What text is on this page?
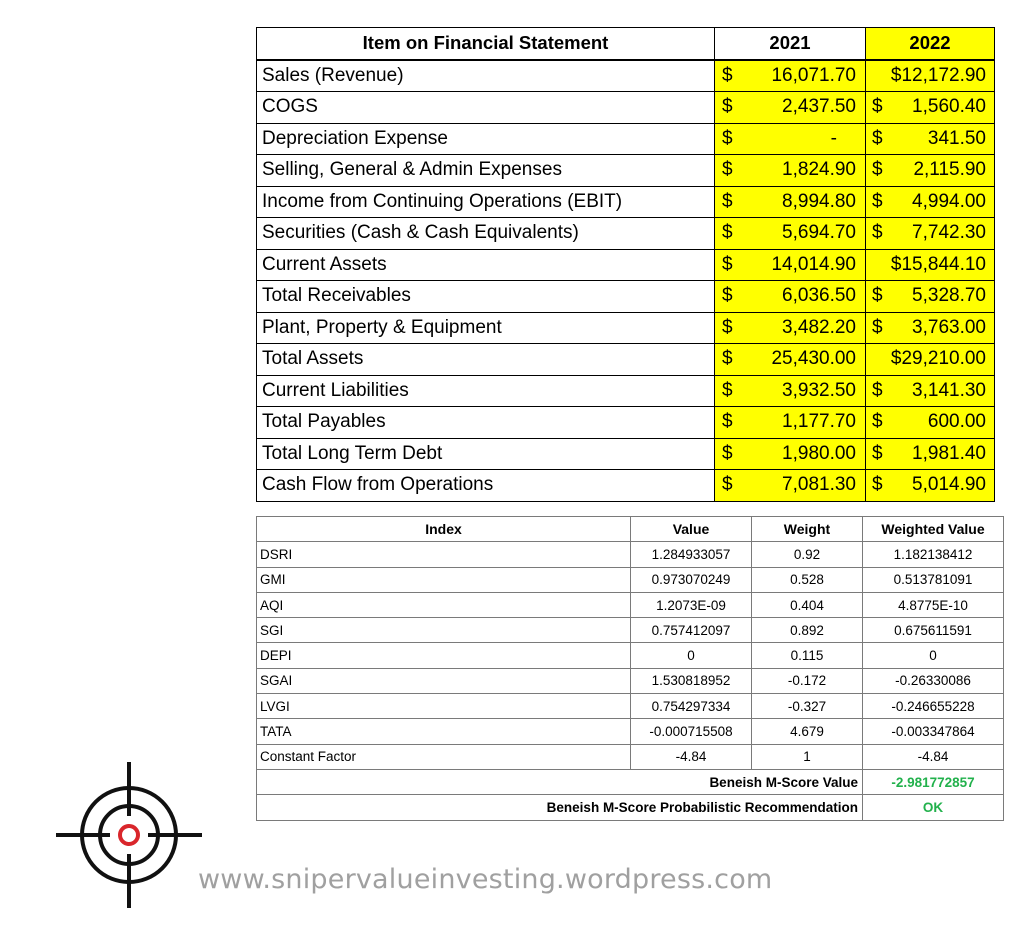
Item on Financial Statement	2021	2022
Sales (Revenue)	$ 16,071.70	$12,172.90

COGS	$ 2,437.50	$ 1,560.40

Depreciation Expense	$ -	$ 341.50

Selling, General & Admin Expenses	$ 1,824.90	$ 2,115.90

Income from Continuing Operations (EBIT)	$ 8,994.80	$ 4,994.00

Securities (Cash & Cash Equivalents)	$ 5,694.70	$ 7,742.30

Current Assets	$ 14,014.90	$15,844.10

Total Receivables	$ 6,036.50	$ 5,328.70

Plant, Property & Equipment	$ 3,482.20	$ 3,763.00

Total Assets	$ 25,430.00	$29,210.00

Current Liabilities	$ 3,932.50	$ 3,141.30

Total Payables	$ 1,177.70	$ 600.00

Total Long Term Debt	$ 1,980.00	$ 1,981.40

Cash Flow from Operations	$ 7,081.30	$ 5,014.90
Index	Value	Weight	Weighted Value
DSRI	1.284933057	0.92	1.182138412
GMI	0.973070249	0.528	0.513781091
AQI	1.2073E-09	0.404	4.8775E-10
SGI	0.757412097	0.892	0.675611591
DEPI	0	0.115	0
SGAI	1.530818952	-0.172	-0.26330086
LVGI	0.754297334	-0.327	-0.246655228
TATA	-0.000715508	4.679	-0.003347864
Constant Factor	-4.84	1	-4.84
Beneish M-Score Value			-2.981772857
Beneish M-Score Probabilistic Recommendation			OK
www.snipervalueinvesting.wordpress.com
